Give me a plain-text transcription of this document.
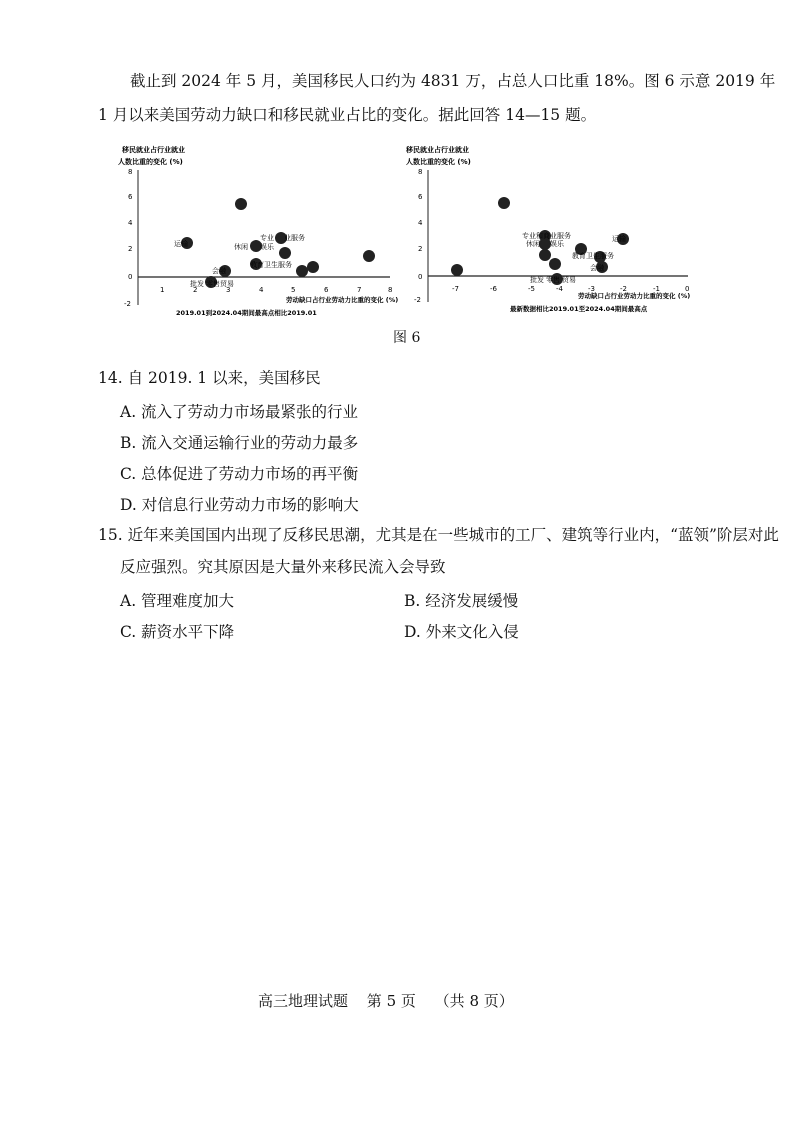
截止到 2024 年 5 月，美国移民人口约为 4831 万，占总人口比重 18%。图 6 示意 2019 年
1 月以来美国劳动力缺口和移民就业占比的变化。据此回答 14—15 题。
移民就业占行业就业
人数比重的变化 (%)
8
6
4
2
0
-2
1	2	3	4	5	6	7	8
运输
专业 业服务
休闲 娱乐
教育 卫生服务
会融
批发 零售 贸易
劳动缺口占行业劳动力比重的变化 (%)
2019.01到2024.04期间最高点相比2019.01
移民就业占行业就业
人数比重的变化 (%)
8
6
4
2
0
-2
-7	-6	-5	-4	-3	-2	-1	0
专业和商业服务
休闲 娱乐
运输
教育 卫生服务
会融
批发 零售 贸易
劳动缺口占行业劳动力比重的变化 (%)
最新数据相比2019.01至2024.04期间最高点
图 6
14. 自 2019. 1 以来，美国移民
A. 流入了劳动力市场最紧张的行业
B. 流入交通运输行业的劳动力最多
C. 总体促进了劳动力市场的再平衡
D. 对信息行业劳动力市场的影响大
15. 近年来美国国内出现了反移民思潮，尤其是在一些城市的工厂、建筑等行业内，“蓝领”阶层对此
反应强烈。究其原因是大量外来移民流入会导致
A. 管理难度加大	B. 经济发展缓慢
C. 薪资水平下降	D. 外来文化入侵
高三地理试题 第 5 页 （共 8 页）
